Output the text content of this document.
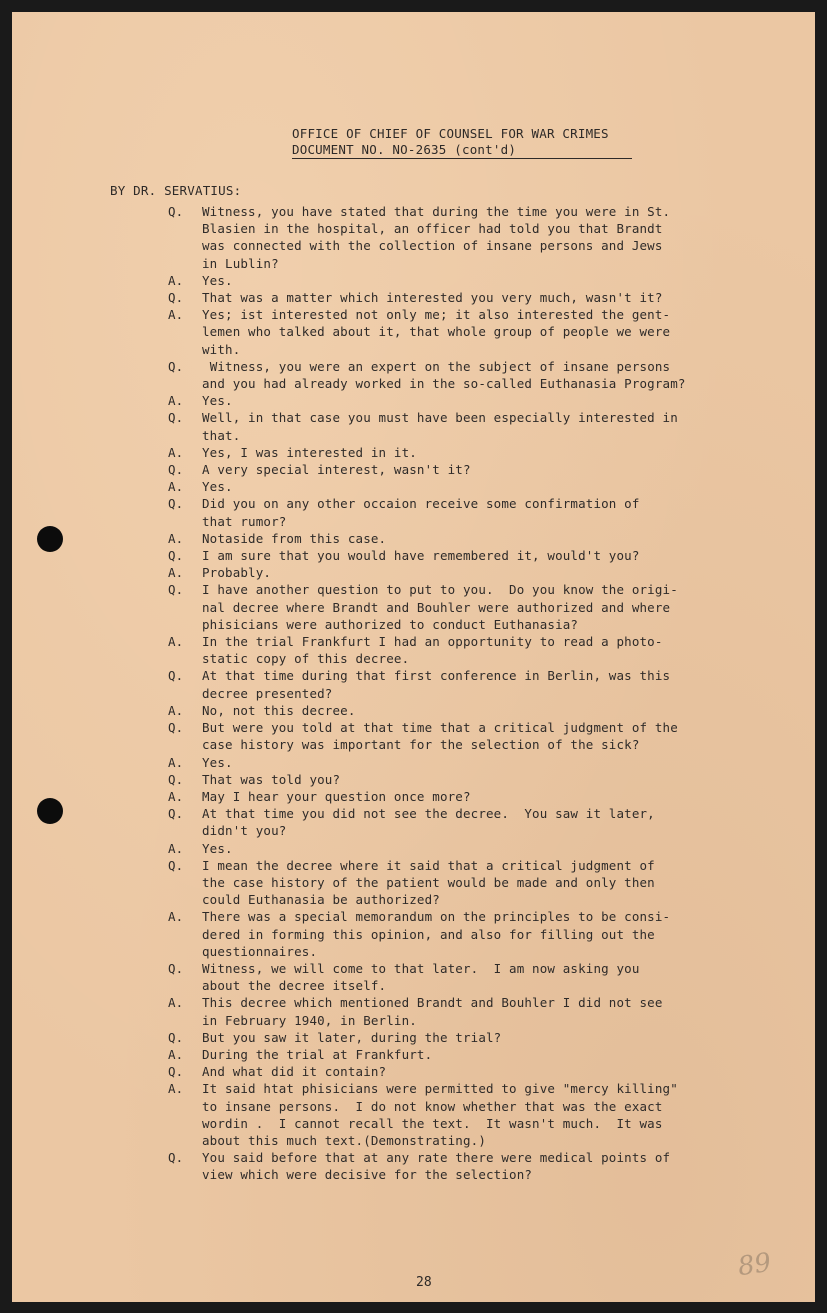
OFFICE OF CHIEF OF COUNSEL FOR WAR CRIMES
DOCUMENT NO. NO-2635 (cont'd)
BY DR. SERVATIUS:
Q.	Witness, you have stated that during the time you were in St.
Blasien in the hospital, an officer had told you that Brandt
was connected with the collection of insane persons and Jews
in Lublin?
A.	Yes.
Q.	That was a matter which interested you very much, wasn't it?
A.	Yes; ist interested not only me; it also interested the gent-
lemen who talked about it, that whole group of people we were
with.
Q.	Witness, you were an expert on the subject of insane persons
and you had already worked in the so-called Euthanasia Program?
A.	Yes.
Q.	Well, in that case you must have been especially interested in
that.
A.	Yes, I was interested in it.
Q.	A very special interest, wasn't it?
A.	Yes.
Q.	Did you on any other occaion receive some confirmation of
that rumor?
A.	Notaside from this case.
Q.	I am sure that you would have remembered it, would't you?
A.	Probably.
Q.	I have another question to put to you.  Do you know the origi-
nal decree where Brandt and Bouhler were authorized and where
phisicians were authorized to conduct Euthanasia?
A.	In the trial Frankfurt I had an opportunity to read a photo-
static copy of this decree.
Q.	At that time during that first conference in Berlin, was this
decree presented?
A.	No, not this decree.
Q.	But were you told at that time that a critical judgment of the
case history was important for the selection of the sick?
A.	Yes.
Q.	That was told you?
A.	May I hear your question once more?
Q.	At that time you did not see the decree.  You saw it later,
didn't you?
A.	Yes.
Q.	I mean the decree where it said that a critical judgment of
the case history of the patient would be made and only then
could Euthanasia be authorized?
A.	There was a special memorandum on the principles to be consi-
dered in forming this opinion, and also for filling out the
questionnaires.
Q.	Witness, we will come to that later.  I am now asking you
about the decree itself.
A.	This decree which mentioned Brandt and Bouhler I did not see
in February 1940, in Berlin.
Q.	But you saw it later, during the trial?
A.	During the trial at Frankfurt.
Q.	And what did it contain?
A.	It said htat phisicians were permitted to give "mercy killing"
to insane persons.  I do not know whether that was the exact
wordin .  I cannot recall the text.  It wasn't much.  It was
about this much text.(Demonstrating.)
Q.	You said before that at any rate there were medical points of
view which were decisive for the selection?
28
89
